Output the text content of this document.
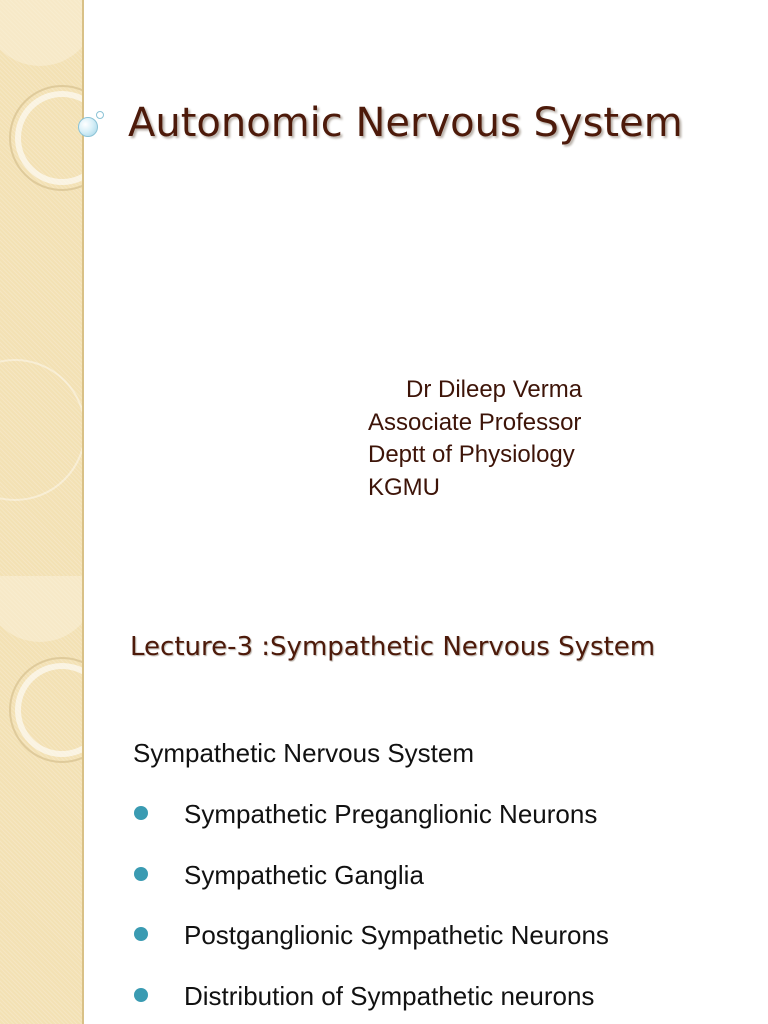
Autonomic Nervous System
Dr Dileep Verma
Associate Professor
Deptt of Physiology
KGMU
Lecture-3 :Sympathetic Nervous System
Sympathetic Nervous System
Sympathetic Preganglionic Neurons
Sympathetic Ganglia
Postganglionic Sympathetic Neurons
Distribution of Sympathetic neurons
